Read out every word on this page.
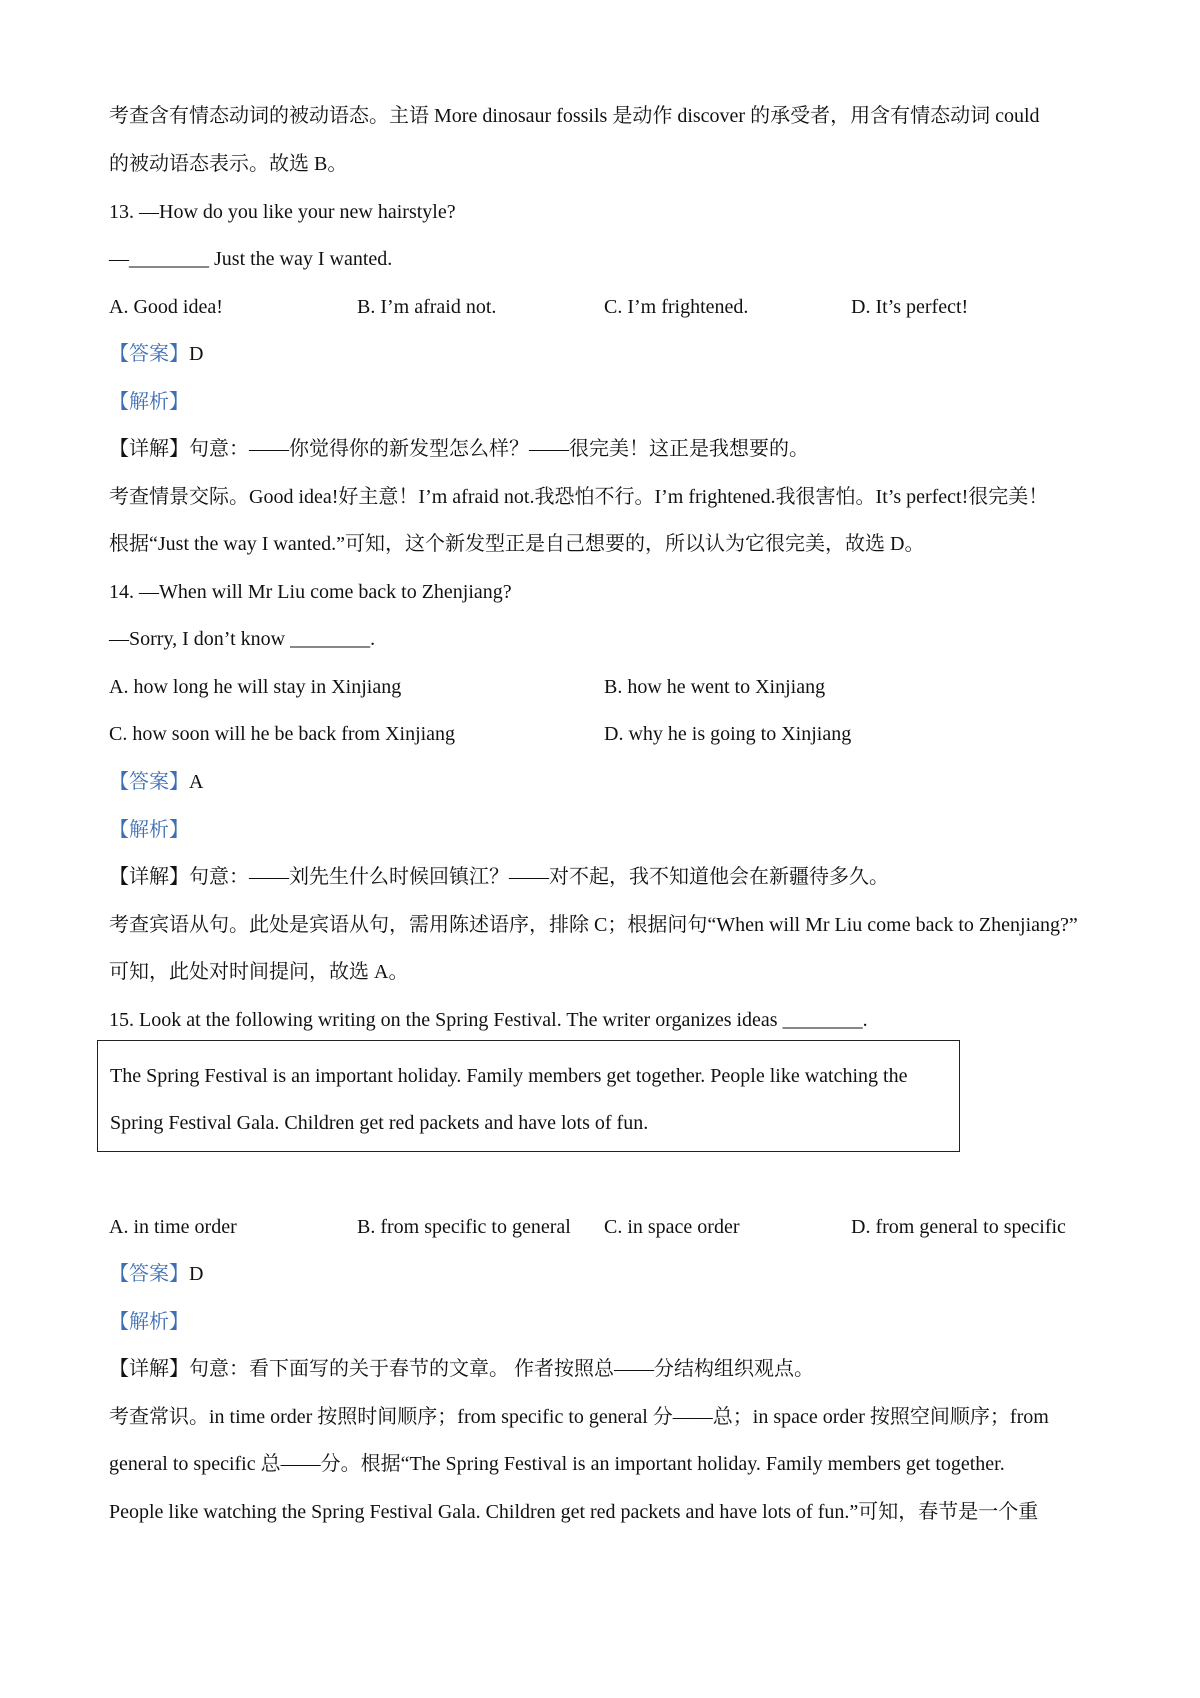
考查含有情态动词的被动语态。主语 More dinosaur fossils 是动作 discover 的承受者，用含有情态动词 could
的被动语态表示。故选 B。
13. —How do you like your new hairstyle?
—________ Just the way I wanted.
A. Good idea!	B. I’m afraid not.	C. I’m frightened.	D. It’s perfect!
【答案】D
【解析】
【详解】句意：——你觉得你的新发型怎么样？——很完美！这正是我想要的。
考查情景交际。Good idea!好主意！I’m afraid not.我恐怕不行。I’m frightened.我很害怕。It’s perfect!很完美！
根据“Just the way I wanted.”可知，这个新发型正是自己想要的，所以认为它很完美，故选 D。
14. —When will Mr Liu come back to Zhenjiang?
—Sorry, I don’t know ________.
A. how long he will stay in Xinjiang	B. how he went to Xinjiang
C. how soon will he be back from Xinjiang	D. why he is going to Xinjiang
【答案】A
【解析】
【详解】句意：——刘先生什么时候回镇江？——对不起，我不知道他会在新疆待多久。
考查宾语从句。此处是宾语从句，需用陈述语序，排除 C；根据问句“When will Mr Liu come back to Zhenjiang?”
可知，此处对时间提问，故选 A。
15. Look at the following writing on the Spring Festival. The writer organizes ideas ________.
The Spring Festival is an important holiday. Family members get together. People like watching the
Spring Festival Gala. Children get red packets and have lots of fun.
A. in time order	B. from specific to general C. in space order	D. from general to specific
【答案】D
【解析】
【详解】句意：看下面写的关于春节的文章。 作者按照总——分结构组织观点。
考查常识。in time order 按照时间顺序；from specific to general 分——总；in space order 按照空间顺序；from
general to specific 总——分。根据“The Spring Festival is an important holiday. Family members get together.
People like watching the Spring Festival Gala. Children get red packets and have lots of fun.”可知，春节是一个重
